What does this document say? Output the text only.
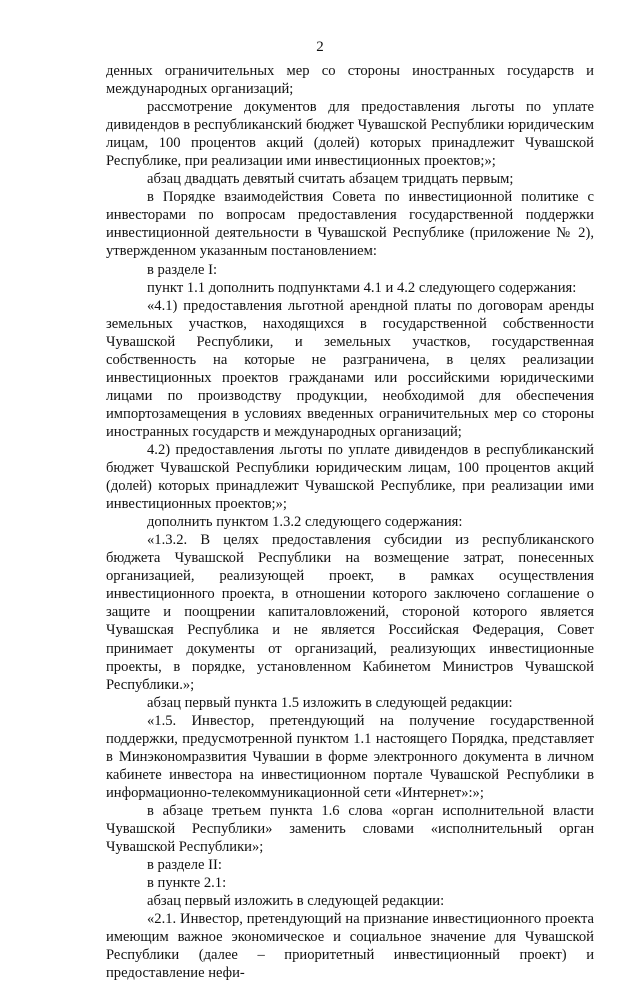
2

денных ограничительных мер со стороны иностранных государств и международных организаций;

рассмотрение документов для предоставления льготы по уплате дивидендов в республиканский бюджет Чувашской Республики юридическим лицам, 100 процентов акций (долей) которых принадлежит Чувашской Республике, при реализации ими инвестиционных проектов;»;

абзац двадцать девятый считать абзацем тридцать первым;

в Порядке взаимодействия Совета по инвестиционной политике с инвесторами по вопросам предоставления государственной поддержки инвестиционной деятельности в Чувашской Республике (приложение № 2), утвержденном указанным постановлением:

в разделе I:

пункт 1.1 дополнить подпунктами 4.1 и 4.2 следующего содержания:

«4.1) предоставления льготной арендной платы по договорам аренды земельных участков, находящихся в государственной собственности Чувашской Республики, и земельных участков, государственная собственность на которые не разграничена, в целях реализации инвестиционных проектов гражданами или российскими юридическими лицами по производству продукции, необходимой для обеспечения импортозамещения в условиях введенных ограничительных мер со стороны иностранных государств и международных организаций;

4.2) предоставления льготы по уплате дивидендов в республиканский бюджет Чувашской Республики юридическим лицам, 100 процентов акций (долей) которых принадлежит Чувашской Республике, при реализации ими инвестиционных проектов;»;

дополнить пунктом 1.3.2 следующего содержания:

«1.3.2. В целях предоставления субсидии из республиканского бюджета Чувашской Республики на возмещение затрат, понесенных организацией, реализующей проект, в рамках осуществления инвестиционного проекта, в отношении которого заключено соглашение о защите и поощрении капиталовложений, стороной которого является Чувашская Республика и не является Российская Федерация, Совет принимает документы от организаций, реализующих инвестиционные проекты, в порядке, установленном Кабинетом Министров Чувашской Республики.»;

абзац первый пункта 1.5 изложить в следующей редакции:

«1.5. Инвестор, претендующий на получение государственной поддержки, предусмотренной пунктом 1.1 настоящего Порядка, представляет в Минэкономразвития Чувашии в форме электронного документа в личном кабинете инвестора на инвестиционном портале Чувашской Республики в информационно-телекоммуникационной сети «Интернет»:»;

в абзаце третьем пункта 1.6 слова «орган исполнительной власти Чувашской Республики» заменить словами «исполнительный орган Чувашской Республики»;

в разделе II:

в пункте 2.1:

абзац первый изложить в следующей редакции:

«2.1. Инвестор, претендующий на признание инвестиционного проекта имеющим важное экономическое и социальное значение для Чувашской Республики (далее – приоритетный инвестиционный проект) и предоставление нефи-
